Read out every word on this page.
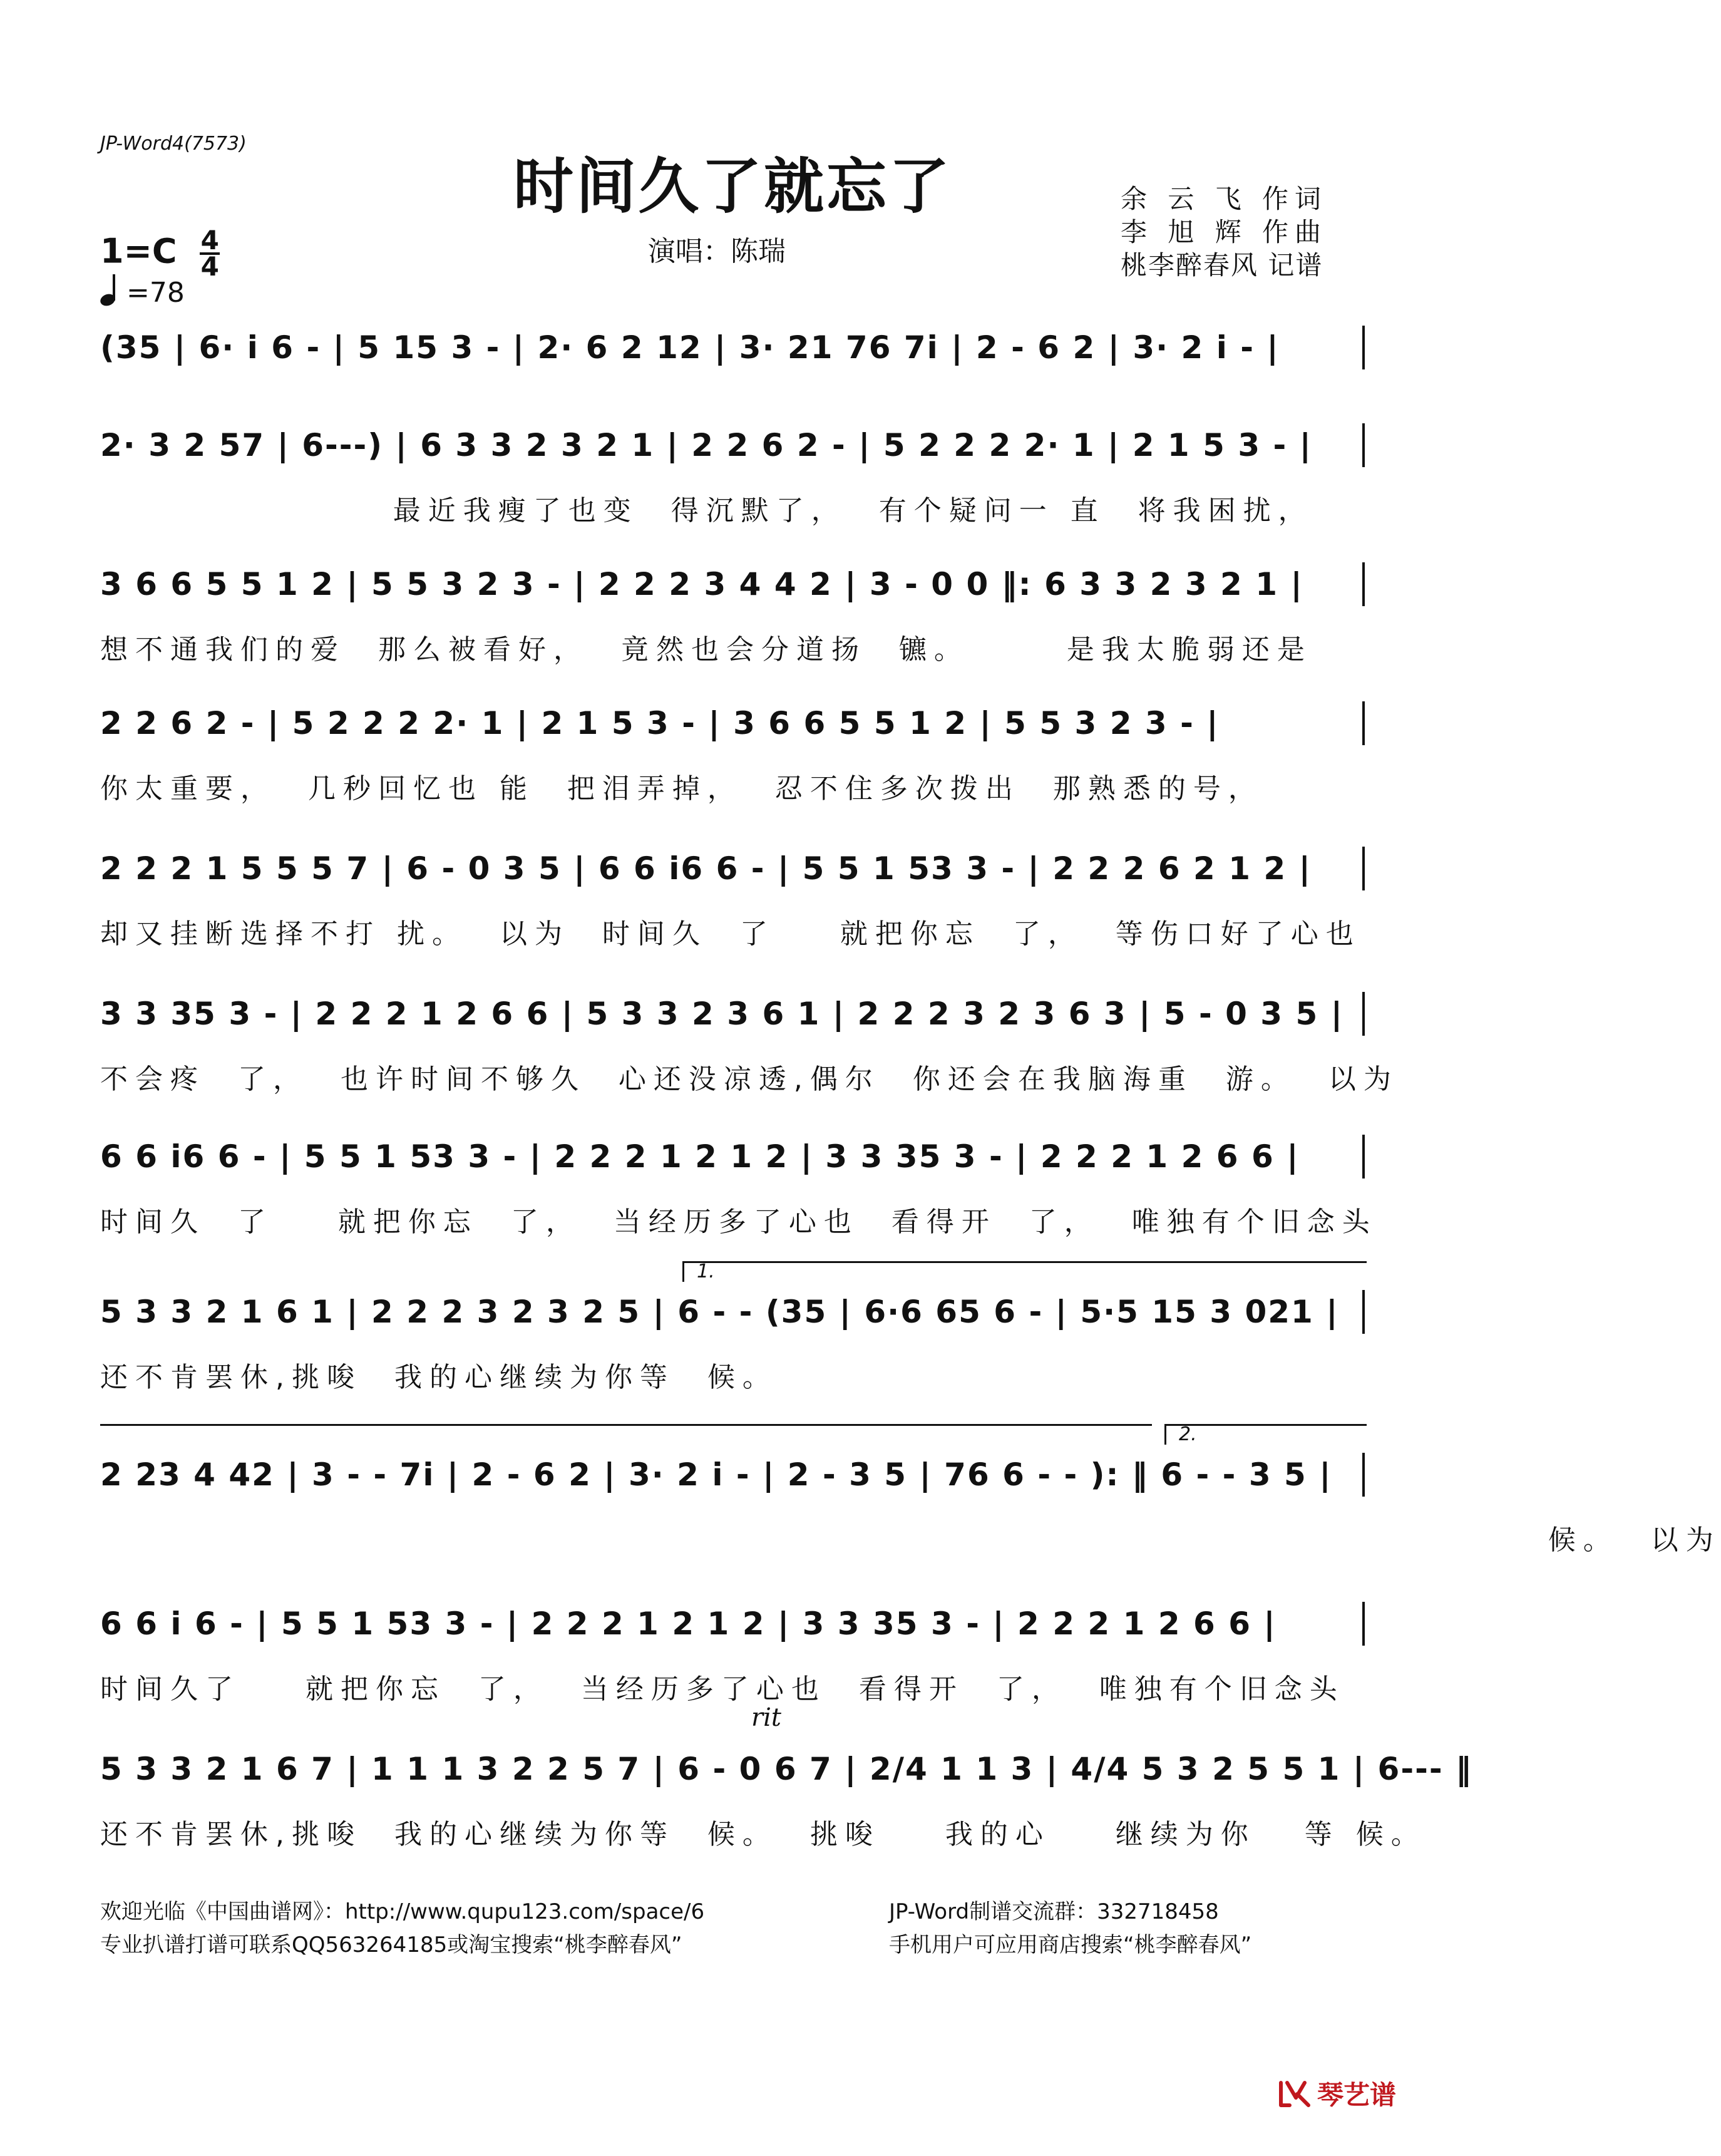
JP-Word4(7573)
时间久了就忘了
演唱：陈瑞
余 云 飞 作词
李 旭 辉 作曲
桃李醉春风 记谱
$1=C \frac{4}{4}$
=78
(35 | 6· i 6 - | 5 15 3 - | 2· 6 2 12 | 3· 21 76 7i | 2 - 6 2 | 3· 2 i - |
2· 3 2 57 | 6---) | 6 3 3 2 3 2 1 | 2 2 6 2 - | 5 2 2 2 2· 1 | 2 1 5 3 - |
最近我瘦了也变  得沉默了，  有个疑问一 直  将我困扰，
3 6 6 5 5 1 2 | 5 5 3 2 3 - | 2 2 2 3 4 4 2 | 3 - 0 0 ‖: 6 3 3 2 3 2 1 |
想不通我们的爱  那么被看好，  竟然也会分道扬  镳。      是我太脆弱还是
2 2 6 2 - | 5 2 2 2 2· 1 | 2 1 5 3 - | 3 6 6 5 5 1 2 | 5 5 3 2 3 - |
你太重要，  几秒回忆也 能  把泪弄掉，  忍不住多次拨出  那熟悉的号，
2 2 2 1 5 5 5 7 | 6 - 0 3 5 | 6 6 i6 6 - | 5 5 1 53 3 - | 2 2 2 6 2 1 2 |
却又挂断选择不打 扰。  以为  时间久  了    就把你忘  了，  等伤口好了心也
3 3 35 3 - | 2 2 2 1 2 6 6 | 5 3 3 2 3 6 1 | 2 2 2 3 2 3 6 3 | 5 - 0 3 5 |
不会疼  了，  也许时间不够久  心还没凉透,偶尔  你还会在我脑海重  游。  以为
6 6 i6 6 - | 5 5 1 53 3 - | 2 2 2 1 2 1 2 | 3 3 35 3 - | 2 2 2 1 2 6 6 |
时间久  了    就把你忘  了，  当经历多了心也  看得开  了，  唯独有个旧念头
1.
5 3 3 2 1 6 1 | 2 2 2 3 2 3 2 5 | 6 - - (35 | 6·6 65 6 - | 5·5 15 3 021 |
还不肯罢休,挑唆  我的心继续为你等  候。
2.
2 23 4 42 | 3 - - 7i | 2 - 6 2 | 3· 2 i - | 2 - 3 5 | 76 6 - - ): ‖ 6 - - 3 5 |
候。  以为
6 6 i 6 - | 5 5 1 53 3 - | 2 2 2 1 2 1 2 | 3 3 35 3 - | 2 2 2 1 2 6 6 |
时间久了    就把你忘  了，  当经历多了心也  看得开  了，  唯独有个旧念头
rit
5 3 3 2 1 6 7 | 1 1 1 3 2 2 5 7 | 6 - 0 6 7 | 2/4 1 1 3 | 4/4 5 3 2 5 5 1 | 6--- ‖
还不肯罢休,挑唆  我的心继续为你等  候。  挑唆    我的心    继续为你   等 候。
欢迎光临《中国曲谱网》：http://www.qupu123.com/space/6
专业扒谱打谱可联系QQ563264185或淘宝搜索“桃李醉春风”
JP-Word制谱交流群：332718458
手机用户可应用商店搜索“桃李醉春风”
琴艺谱
